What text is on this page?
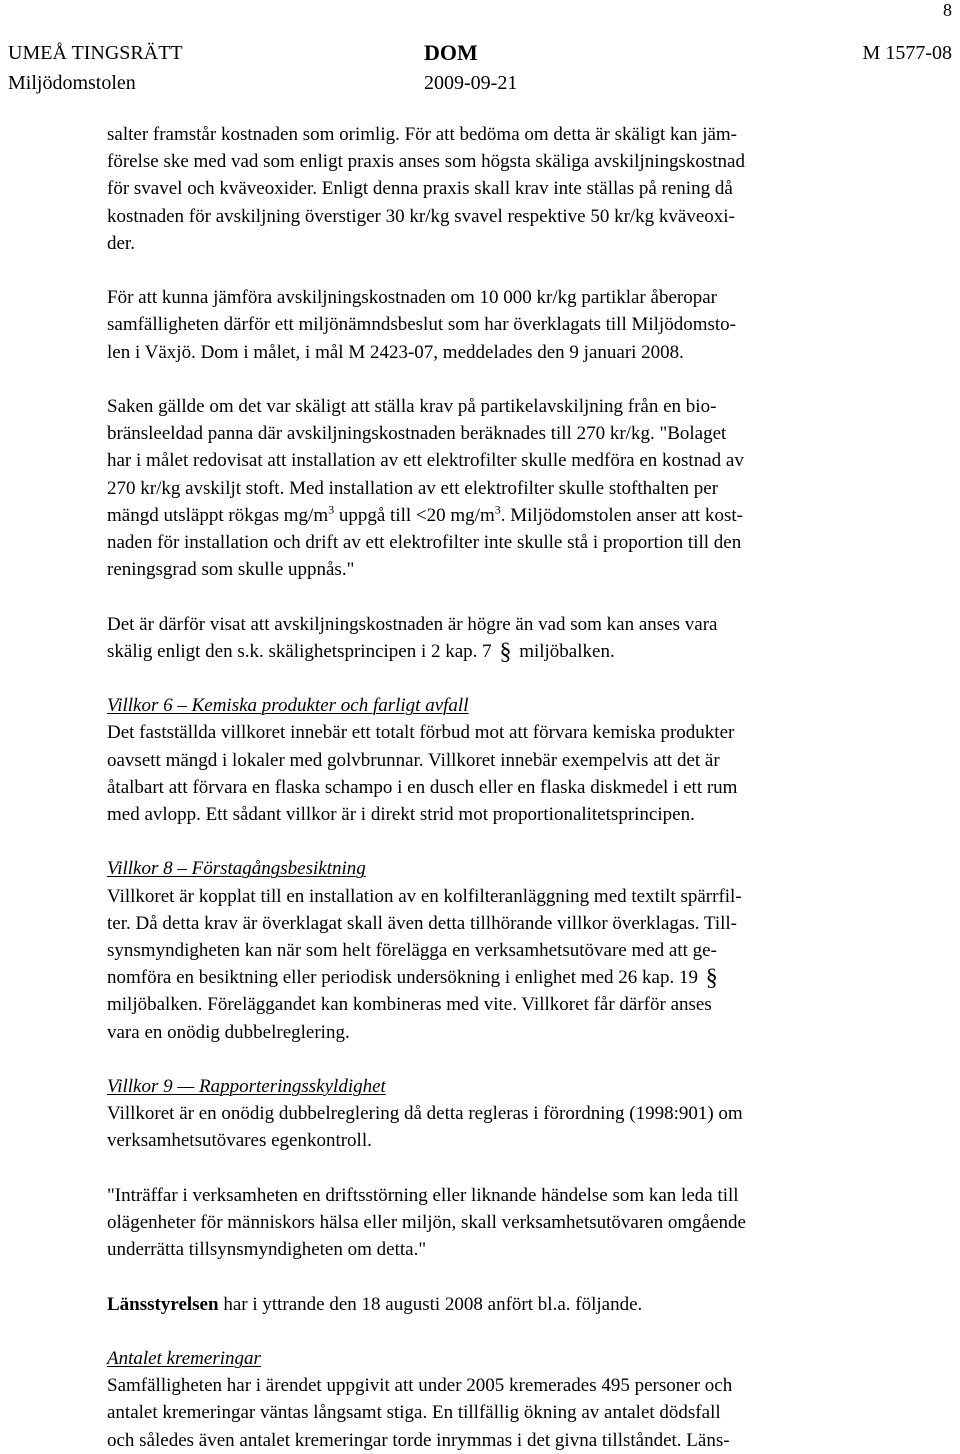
8
UMEÅ TINGSRÄTT	DOM	M 1577-08
Miljödomstolen	2009-09-21

salter framstår kostnaden som orimlig. För att bedöma om detta är skäligt kan jäm-
förelse ske med vad som enligt praxis anses som högsta skäliga avskiljningskostnad
för svavel och kväveoxider. Enligt denna praxis skall krav inte ställas på rening då
kostnaden för avskiljning överstiger 30 kr/kg svavel respektive 50 kr/kg kväveoxi-
der.

För att kunna jämföra avskiljningskostnaden om 10 000 kr/kg partiklar åberopar
samfälligheten därför ett miljönämndsbeslut som har överklagats till Miljödomsto-
len i Växjö. Dom i målet, i mål M 2423-07, meddelades den 9 januari 2008.

Saken gällde om det var skäligt att ställa krav på partikelavskiljning från en bio-
bränsleeldad panna där avskiljningskostnaden beräknades till 270 kr/kg. "Bolaget
har i målet redovisat att installation av ett elektrofilter skulle medföra en kostnad av
270 kr/kg avskiljt stoft. Med installation av ett elektrofilter skulle stofthalten per
mängd utsläppt rökgas $mg/m^3$ uppgå till <20 $mg/m^3$. Miljödomstolen anser att kost-
naden för installation och drift av ett elektrofilter inte skulle stå i proportion till den
reningsgrad som skulle uppnås."

Det är därför visat att avskiljningskostnaden är högre än vad som kan anses vara
skälig enligt den s.k. skälighetsprincipen i 2 kap. 7 § miljöbalken.

Villkor 6 – Kemiska produkter och farligt avfall
Det fastställda villkoret innebär ett totalt förbud mot att förvara kemiska produkter
oavsett mängd i lokaler med golvbrunnar. Villkoret innebär exempelvis att det är
åtalbart att förvara en flaska schampo i en dusch eller en flaska diskmedel i ett rum
med avlopp. Ett sådant villkor är i direkt strid mot proportionalitetsprincipen.

Villkor 8 – Förstagångsbesiktning
Villkoret är kopplat till en installation av en kolfilteranläggning med textilt spärrfil-
ter. Då detta krav är överklagat skall även detta tillhörande villkor överklagas. Till-
synsmyndigheten kan när som helt förelägga en verksamhetsutövare med att ge-
nomföra en besiktning eller periodisk undersökning i enlighet med 26 kap. 19 §
miljöbalken. Föreläggandet kan kombineras med vite. Villkoret får därför anses
vara en onödig dubbelreglering.

Villkor 9 — Rapporteringsskyldighet
Villkoret är en onödig dubbelreglering då detta regleras i förordning (1998:901) om
verksamhetsutövares egenkontroll.

"Inträffar i verksamheten en driftsstörning eller liknande händelse som kan leda till
olägenheter för människors hälsa eller miljön, skall verksamhetsutövaren omgående
underrätta tillsynsmyndigheten om detta."

Länsstyrelsen har i yttrande den 18 augusti 2008 anfört bl.a. följande.

Antalet kremeringar
Samfälligheten har i ärendet uppgivit att under 2005 kremerades 495 personer och
antalet kremeringar väntas långsamt stiga. En tillfällig ökning av antalet dödsfall
och således även antalet kremeringar torde inrymmas i det givna tillståndet. Läns-
